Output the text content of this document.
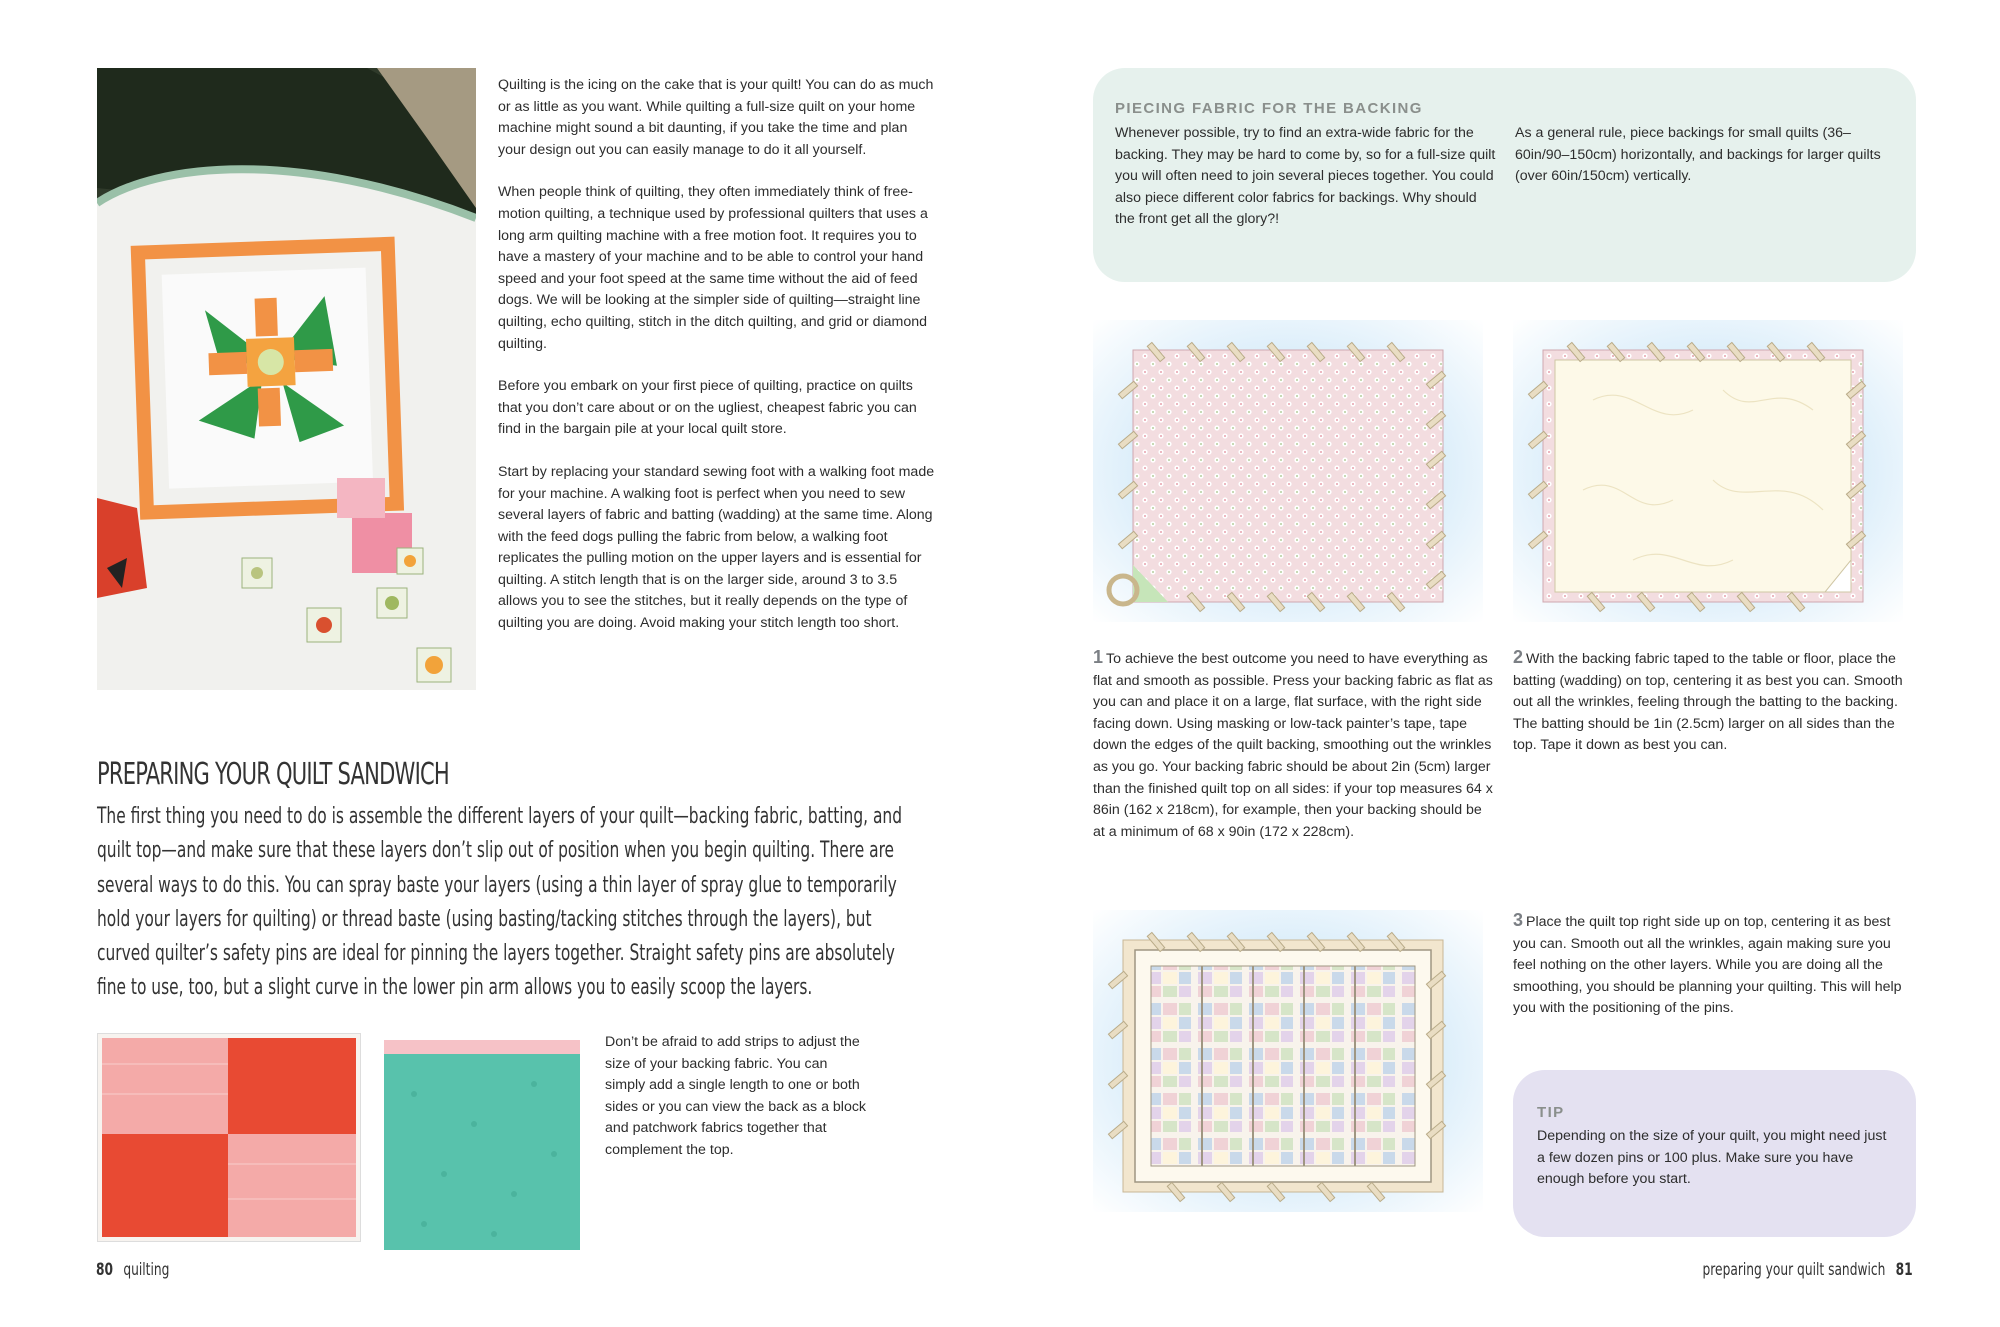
Quilting is the icing on the cake that is your quilt! You can do as much or as little as you want. While quilting a full-size quilt on your home machine might sound a bit daunting, if you take the time and plan your design out you can easily manage to do it all yourself.

When people think of quilting, they often immediately think of free-motion quilting, a technique used by professional quilters that uses a long arm quilting machine with a free motion foot. It requires you to have a mastery of your machine and to be able to control your hand speed and your foot speed at the same time without the aid of feed dogs. We will be looking at the simpler side of quilting—straight line quilting, echo quilting, stitch in the ditch quilting, and grid or diamond quilting.

Before you embark on your first piece of quilting, practice on quilts that you don’t care about or on the ugliest, cheapest fabric you can find in the bargain pile at your local quilt store.

Start by replacing your standard sewing foot with a walking foot made for your machine. A walking foot is perfect when you need to sew several layers of fabric and batting (wadding) at the same time. Along with the feed dogs pulling the fabric from below, a walking foot replicates the pulling motion on the upper layers and is essential for quilting. A stitch length that is on the larger side, around 3 to 3.5 allows you to see the stitches, but it really depends on the type of quilting you are doing. Avoid making your stitch length too short.

PREPARING YOUR QUILT SANDWICH
The first thing you need to do is assemble the different layers of your quilt—backing fabric, batting, and quilt top—and make sure that these layers don’t slip out of position when you begin quilting. There are several ways to do this. You can spray baste your layers (using a thin layer of spray glue to temporarily hold your layers for quilting) or thread baste (using basting/tacking stitches through the layers), but curved quilter’s safety pins are ideal for pinning the layers together. Straight safety pins are absolutely fine to use, too, but a slight curve in the lower pin arm allows you to easily scoop the layers.
Don’t be afraid to add strips to adjust the size of your backing fabric. You can simply add a single length to one or both sides or you can view the back as a block and patchwork fabrics together that complement the top.
80 quilting
PIECING FABRIC FOR THE BACKING
Whenever possible, try to find an extra-wide fabric for the backing. They may be hard to come by, so for a full-size quilt you will often need to join several pieces together. You could also piece different color fabrics for backings. Why should the front get all the glory?!
As a general rule, piece backings for small quilts (36–60in/90–150cm) horizontally, and backings for larger quilts (over 60in/150cm) vertically.
1 To achieve the best outcome you need to have everything as flat and smooth as possible. Press your backing fabric as flat as you can and place it on a large, flat surface, with the right side facing down. Using masking or low-tack painter’s tape, tape down the edges of the quilt backing, smoothing out the wrinkles as you go. Your backing fabric should be about 2in (5cm) larger than the finished quilt top on all sides: if your top measures 64 x 86in (162 x 218cm), for example, then your backing should be at a minimum of 68 x 90in (172 x 228cm).
2 With the backing fabric taped to the table or floor, place the batting (wadding) on top, centering it as best you can. Smooth out all the wrinkles, feeling through the batting to the backing. The batting should be 1in (2.5cm) larger on all sides than the top. Tape it down as best you can.
3 Place the quilt top right side up on top, centering it as best you can. Smooth out all the wrinkles, again making sure you feel nothing on the other layers. While you are doing all the smoothing, you should be planning your quilting. This will help you with the positioning of the pins.
TIP
Depending on the size of your quilt, you might need just a few dozen pins or 100 plus. Make sure you have enough before you start.
preparing your quilt sandwich 81
